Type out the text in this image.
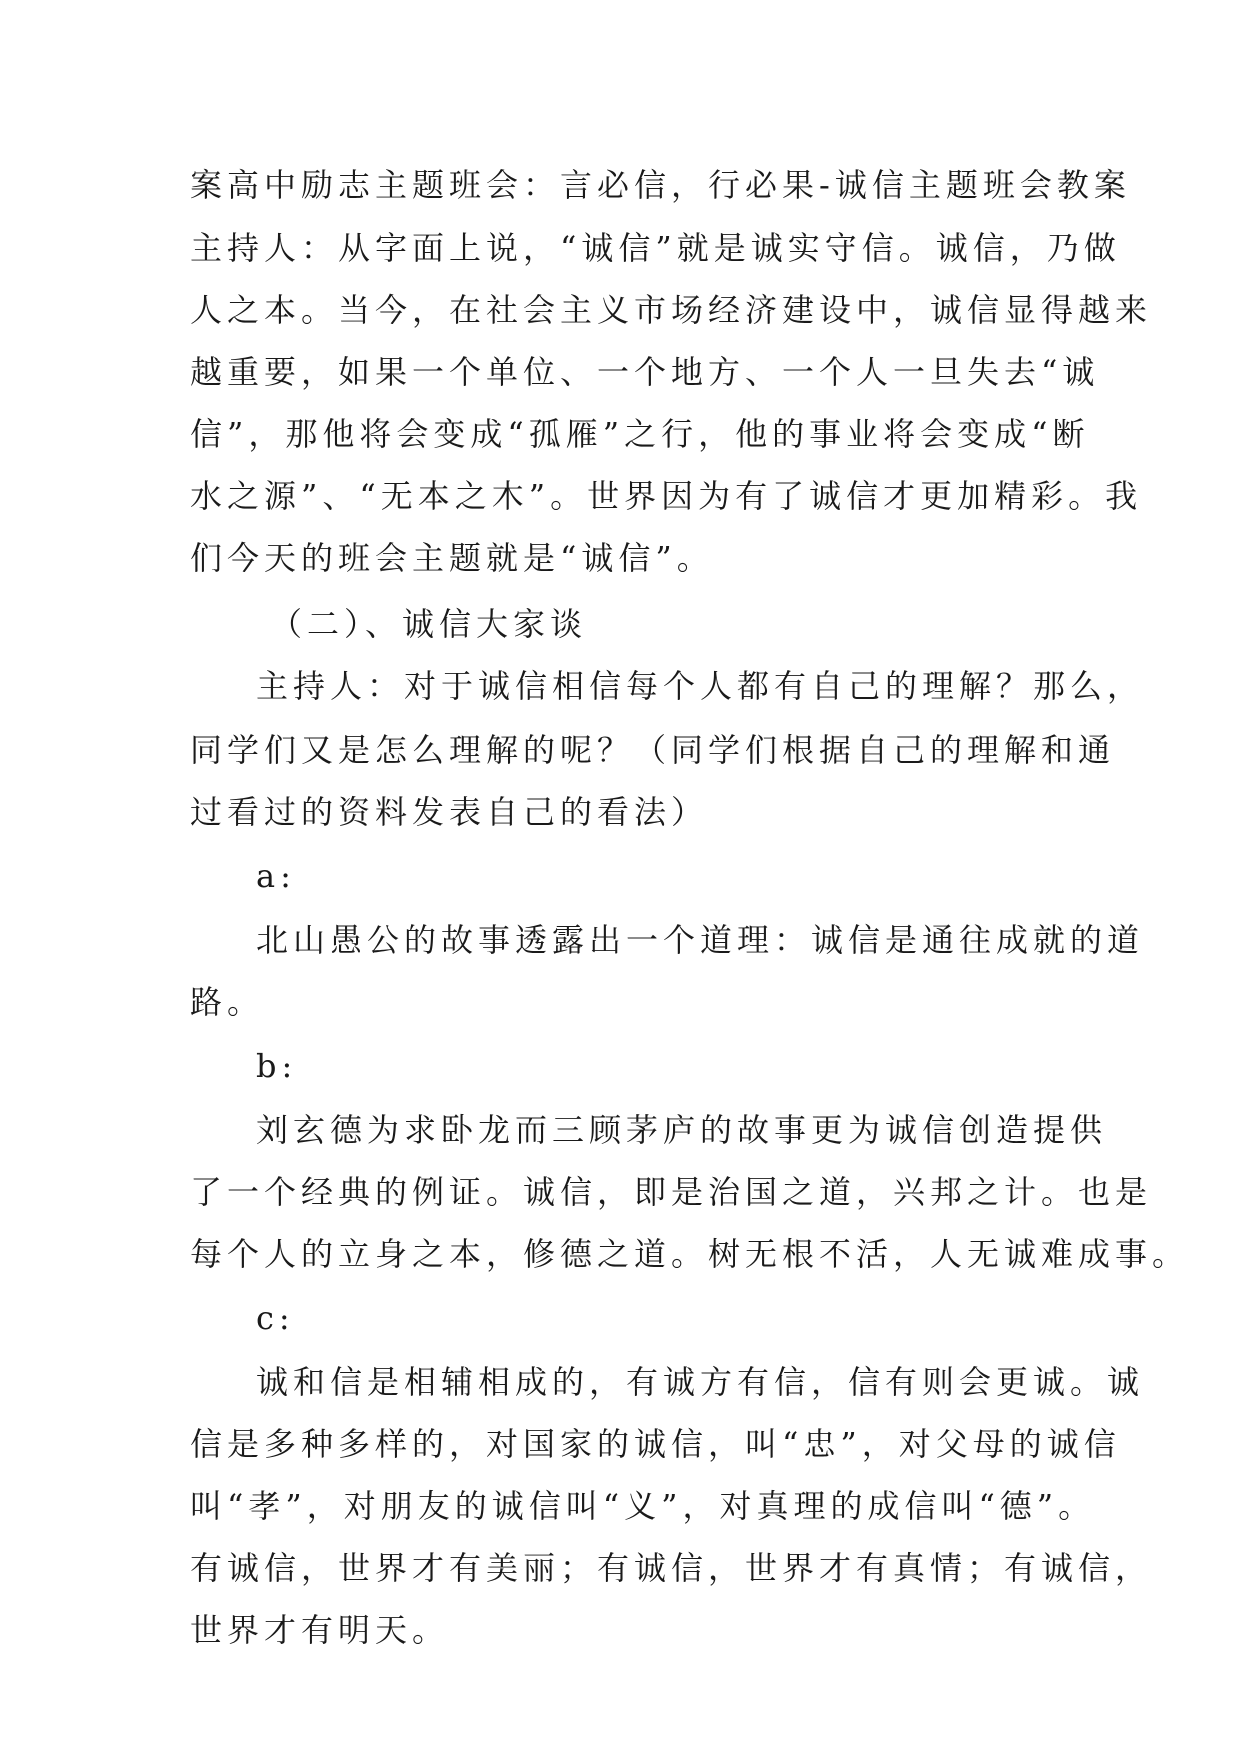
案高中励志主题班会：言必信，行必果-诚信主题班会教案
主持人：从字面上说，“诚信”就是诚实守信。诚信，乃做
人之本。当今，在社会主义市场经济建设中，诚信显得越来
越重要，如果一个单位、一个地方、一个人一旦失去“诚
信”，那他将会变成“孤雁”之行，他的事业将会变成“断
水之源”、“无本之木”。世界因为有了诚信才更加精彩。我
们今天的班会主题就是“诚信”。
（二）、诚信大家谈
主持人：对于诚信相信每个人都有自己的理解？那么，
同学们又是怎么理解的呢？（同学们根据自己的理解和通
过看过的资料发表自己的看法）
a:
北山愚公的故事透露出一个道理：诚信是通往成就的道
路。
b:
刘玄德为求卧龙而三顾茅庐的故事更为诚信创造提供
了一个经典的例证。诚信，即是治国之道，兴邦之计。也是
每个人的立身之本，修德之道。树无根不活，人无诚难成事。
c:
诚和信是相辅相成的，有诚方有信，信有则会更诚。诚
信是多种多样的，对国家的诚信，叫“忠”，对父母的诚信
叫“孝”，对朋友的诚信叫“义”，对真理的成信叫“德”。
有诚信，世界才有美丽；有诚信，世界才有真情；有诚信，
世界才有明天。
